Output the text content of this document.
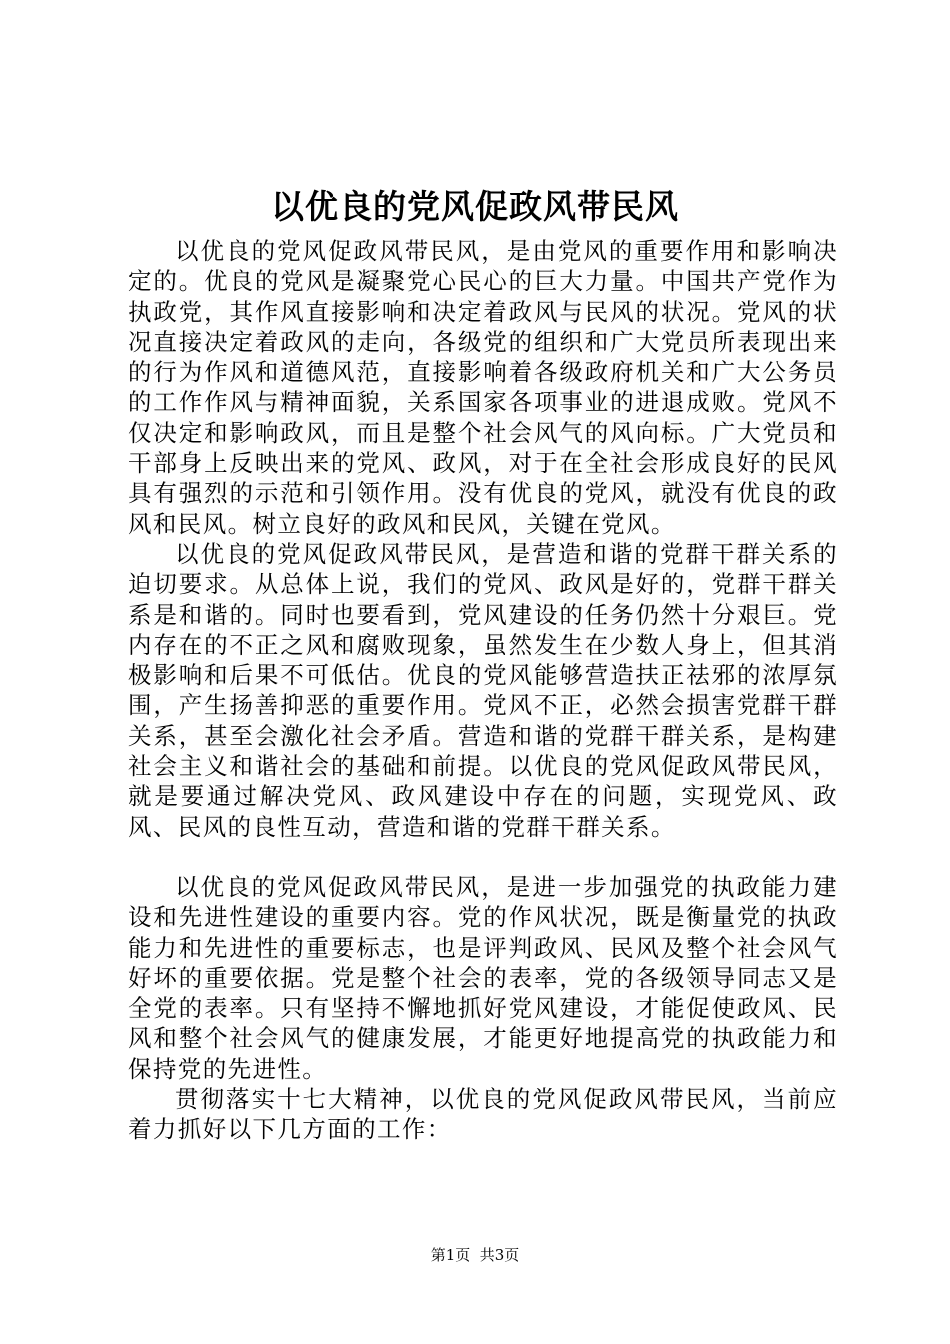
以优良的党风促政风带民风

以优良的党风促政风带民风，是由党风的重要作用和影响决定的。优良的党风是凝聚党心民心的巨大力量。中国共产党作为执政党，其作风直接影响和决定着政风与民风的状况。党风的状况直接决定着政风的走向，各级党的组织和广大党员所表现出来的行为作风和道德风范，直接影响着各级政府机关和广大公务员的工作作风与精神面貌，关系国家各项事业的进退成败。党风不仅决定和影响政风，而且是整个社会风气的风向标。广大党员和干部身上反映出来的党风、政风，对于在全社会形成良好的民风具有强烈的示范和引领作用。没有优良的党风，就没有优良的政风和民风。树立良好的政风和民风，关键在党风。

以优良的党风促政风带民风，是营造和谐的党群干群关系的迫切要求。从总体上说，我们的党风、政风是好的，党群干群关系是和谐的。同时也要看到，党风建设的任务仍然十分艰巨。党内存在的不正之风和腐败现象，虽然发生在少数人身上，但其消极影响和后果不可低估。优良的党风能够营造扶正祛邪的浓厚氛围，产生扬善抑恶的重要作用。党风不正，必然会损害党群干群关系，甚至会激化社会矛盾。营造和谐的党群干群关系，是构建社会主义和谐社会的基础和前提。以优良的党风促政风带民风，就是要通过解决党风、政风建设中存在的问题，实现党风、政风、民风的良性互动，营造和谐的党群干群关系。

以优良的党风促政风带民风，是进一步加强党的执政能力建设和先进性建设的重要内容。党的作风状况，既是衡量党的执政能力和先进性的重要标志，也是评判政风、民风及整个社会风气好坏的重要依据。党是整个社会的表率，党的各级领导同志又是全党的表率。只有坚持不懈地抓好党风建设，才能促使政风、民风和整个社会风气的健康发展，才能更好地提高党的执政能力和保持党的先进性。

贯彻落实十七大精神，以优良的党风促政风带民风，当前应着力抓好以下几方面的工作：

第1页  共3页
